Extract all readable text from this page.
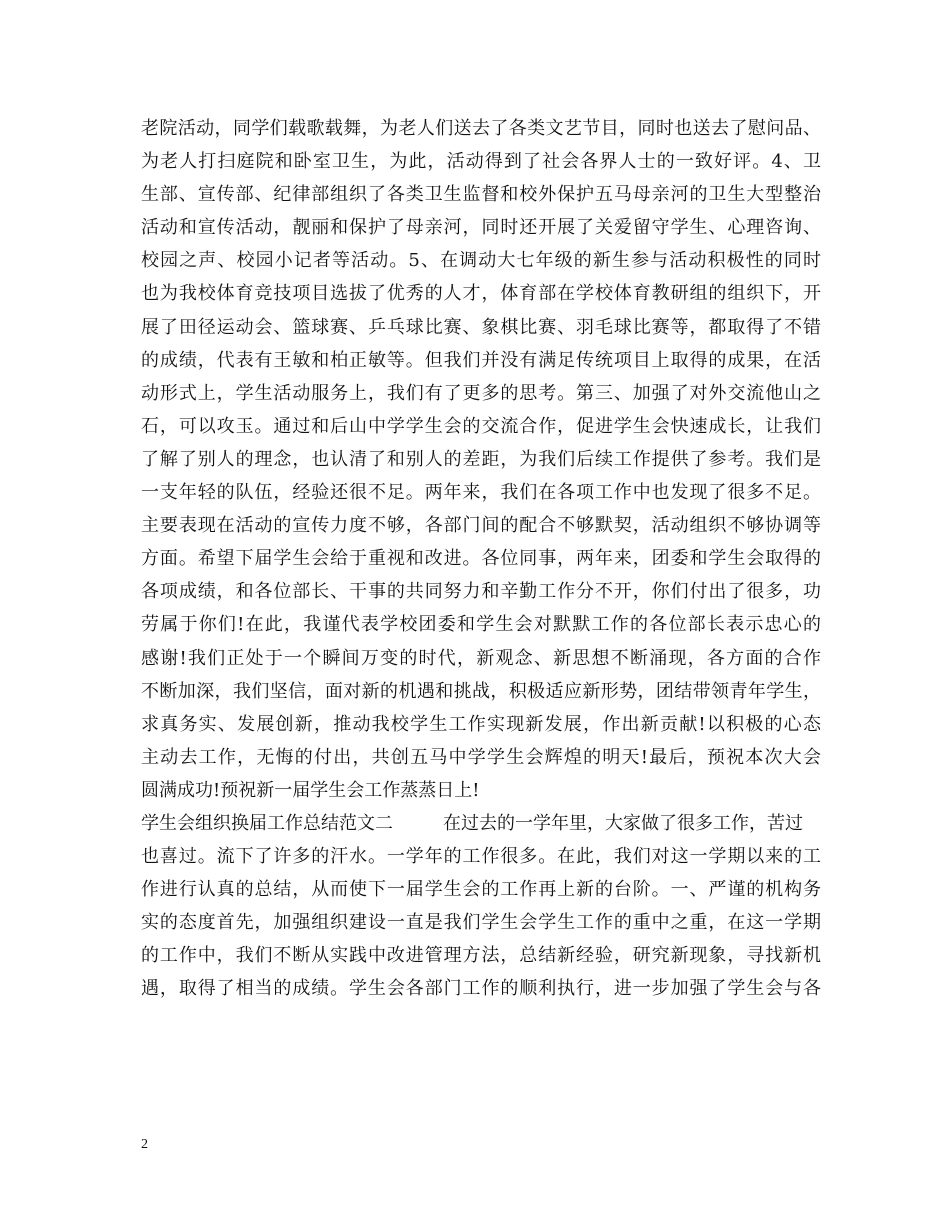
老院活动，同学们载歌载舞，为老人们送去了各类文艺节目，同时也送去了慰问品、
为老人打扫庭院和卧室卫生，为此，活动得到了社会各界人士的一致好评。4、卫
生部、宣传部、纪律部组织了各类卫生监督和校外保护五马母亲河的卫生大型整治
活动和宣传活动，靓丽和保护了母亲河，同时还开展了关爱留守学生、心理咨询、
校园之声、校园小记者等活动。5、在调动大七年级的新生参与活动积极性的同时
也为我校体育竞技项目选拔了优秀的人才，体育部在学校体育教研组的组织下，开
展了田径运动会、篮球赛、乒乓球比赛、象棋比赛、羽毛球比赛等，都取得了不错
的成绩，代表有王敏和柏正敏等。但我们并没有满足传统项目上取得的成果，在活
动形式上，学生活动服务上，我们有了更多的思考。第三、加强了对外交流他山之
石，可以攻玉。通过和后山中学学生会的交流合作，促进学生会快速成长，让我们
了解了别人的理念，也认清了和别人的差距，为我们后续工作提供了参考。我们是
一支年轻的队伍，经验还很不足。两年来，我们在各项工作中也发现了很多不足。
主要表现在活动的宣传力度不够，各部门间的配合不够默契，活动组织不够协调等
方面。希望下届学生会给于重视和改进。各位同事，两年来，团委和学生会取得的
各项成绩，和各位部长、干事的共同努力和辛勤工作分不开，你们付出了很多，功
劳属于你们!在此，我谨代表学校团委和学生会对默默工作的各位部长表示忠心的
感谢!我们正处于一个瞬间万变的时代，新观念、新思想不断涌现，各方面的合作
不断加深，我们坚信，面对新的机遇和挑战，积极适应新形势，团结带领青年学生，
求真务实、发展创新，推动我校学生工作实现新发展，作出新贡献!以积极的心态
主动去工作，无悔的付出，共创五马中学学生会辉煌的明天!最后，预祝本次大会
圆满成功!预祝新一届学生会工作蒸蒸日上!
学生会组织换届工作总结范文二	在过去的一学年里，大家做了很多工作，苦过
也喜过。流下了许多的汗水。一学年的工作很多。在此，我们对这一学期以来的工
作进行认真的总结，从而使下一届学生会的工作再上新的台阶。一、严谨的机构务
实的态度首先，加强组织建设一直是我们学生会学生工作的重中之重，在这一学期
的工作中，我们不断从实践中改进管理方法，总结新经验，研究新现象，寻找新机
遇，取得了相当的成绩。学生会各部门工作的顺利执行，进一步加强了学生会与各
2
